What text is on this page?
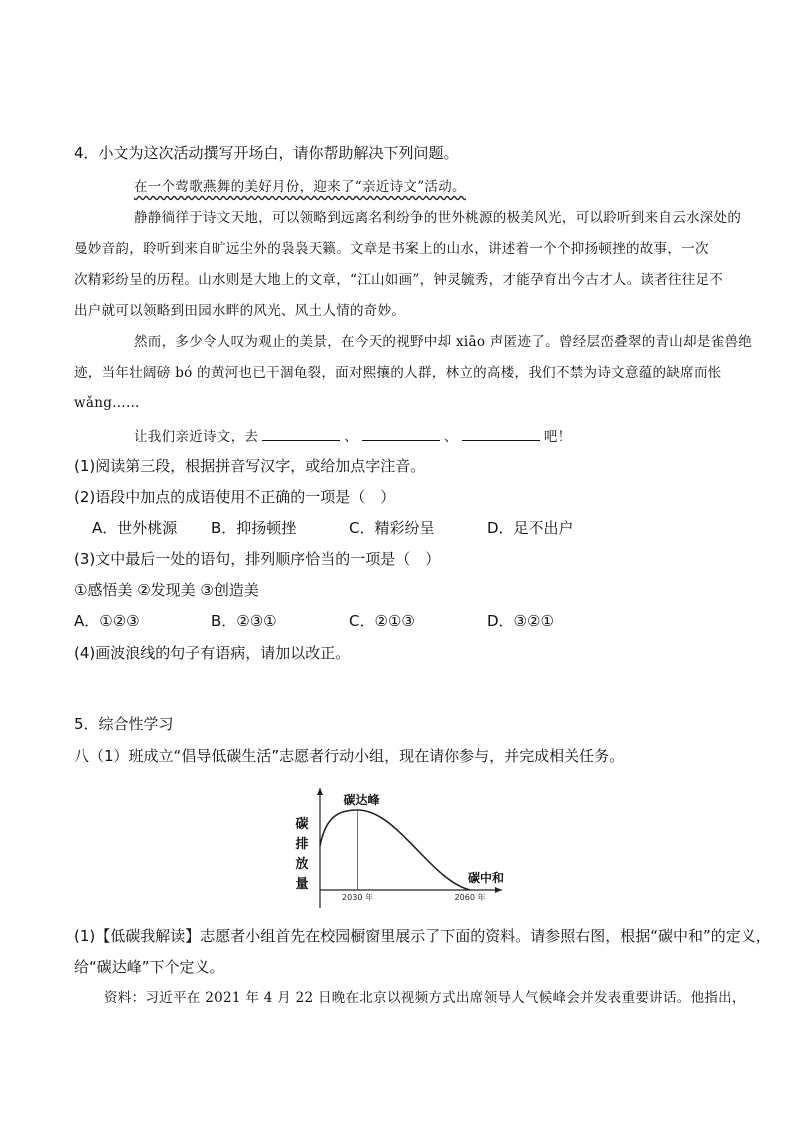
4．小文为这次活动撰写开场白，请你帮助解决下列问题。
在一个莺歌燕舞的美好月份，迎来了“亲近诗文”活动。
静静徜徉于诗文天地，可以领略到远离名利纷争的世外桃源的极美风光，可以聆听到来自云水深处的
曼妙音韵，聆听到来自旷远尘外的袅袅天籁。文章是书案上的山水，讲述着一个个抑扬顿挫的故事，一次
次精彩纷呈的历程。山水则是大地上的文章，“江山如画”，钟灵毓秀，才能孕育出今古才人。读者往往足不
出户就可以领略到田园水畔的风光、风土人情的奇妙。
然而，多少令人叹为观止的美景，在今天的视野中却 xiāo 声匿迹了。曾经层峦叠翠的青山却是雀兽绝
迹，当年壮阔磅 bó 的黄河也已干涸龟裂，面对熙攘的人群，林立的高楼，我们不禁为诗文意蕴的缺席而怅
wǎng……
让我们亲近诗文，去	、	、	吧！
(1)阅读第三段，根据拼音写汉字，或给加点字注音。
(2)语段中加点的成语使用不正确的一项是（　）
A．世外桃源 B．抑扬顿挫	C．精彩纷呈	D．足不出户
(3)文中最后一处的语句，排列顺序恰当的一项是（　）
①感悟美 ②发现美 ③创造美
A．①②③	B．②③①	C．②①③	D．③②①
(4)画波浪线的句子有语病，请加以改正。
5．综合性学习
八（1）班成立“倡导低碳生活”志愿者行动小组，现在请你参与，并完成相关任务。
2030 年	2060 年
碳达峰
碳中和
碳
排
放
量
(1)【低碳我解读】志愿者小组首先在校园橱窗里展示了下面的资料。请参照右图，根据“碳中和”的定义，
给“碳达峰”下个定义。
资料：习近平在 2021 年 4 月 22 日晚在北京以视频方式出席领导人气候峰会并发表重要讲话。他指出，
